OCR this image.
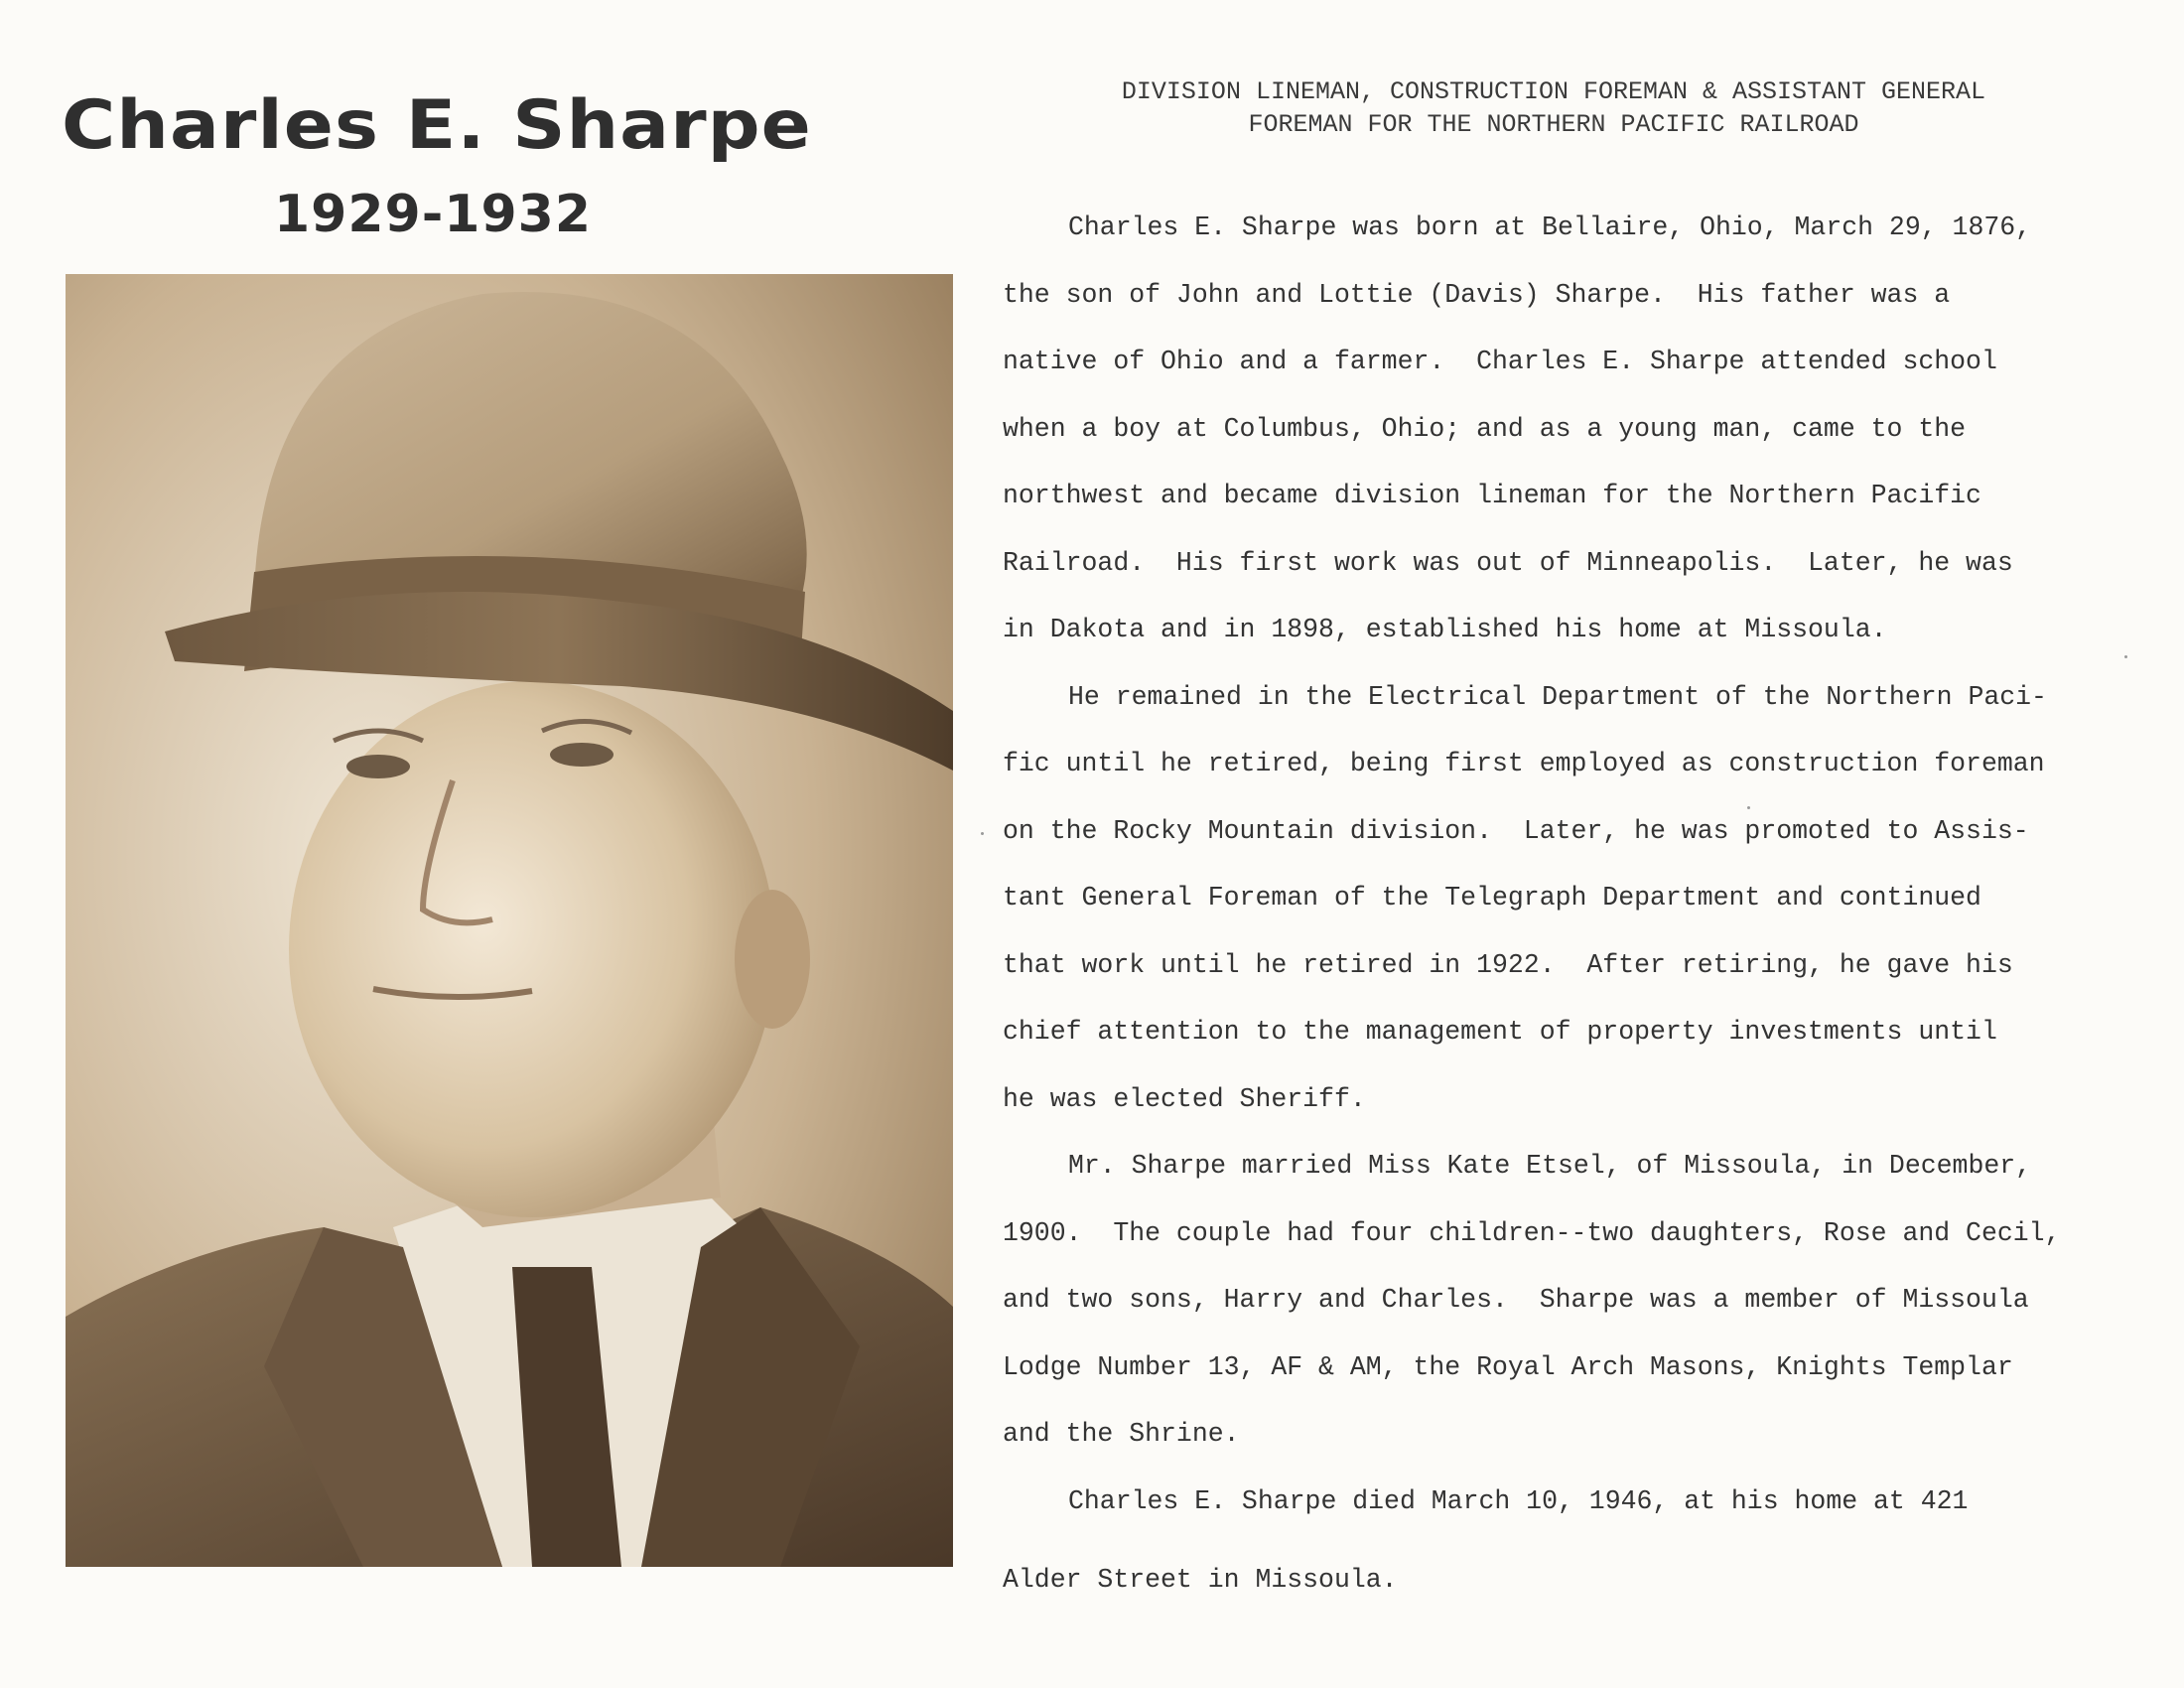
Charles E. Sharpe
1929-1932
DIVISION LINEMAN, CONSTRUCTION FOREMAN & ASSISTANT GENERAL
FOREMAN FOR THE NORTHERN PACIFIC RAILROAD
Charles E. Sharpe was born at Bellaire, Ohio, March 29, 1876,
the son of John and Lottie (Davis) Sharpe.  His father was a
native of Ohio and a farmer.  Charles E. Sharpe attended school
when a boy at Columbus, Ohio; and as a young man, came to the
northwest and became division lineman for the Northern Pacific
Railroad.  His first work was out of Minneapolis.  Later, he was
in Dakota and in 1898, established his home at Missoula.
He remained in the Electrical Department of the Northern Paci-
fic until he retired, being first employed as construction foreman
on the Rocky Mountain division.  Later, he was promoted to Assis-
tant General Foreman of the Telegraph Department and continued
that work until he retired in 1922.  After retiring, he gave his
chief attention to the management of property investments until
he was elected Sheriff.
Mr. Sharpe married Miss Kate Etsel, of Missoula, in December,
1900.  The couple had four children--two daughters, Rose and Cecil,
and two sons, Harry and Charles.  Sharpe was a member of Missoula
Lodge Number 13, AF & AM, the Royal Arch Masons, Knights Templar
and the Shrine.
Charles E. Sharpe died March 10, 1946, at his home at 421
Alder Street in Missoula.
